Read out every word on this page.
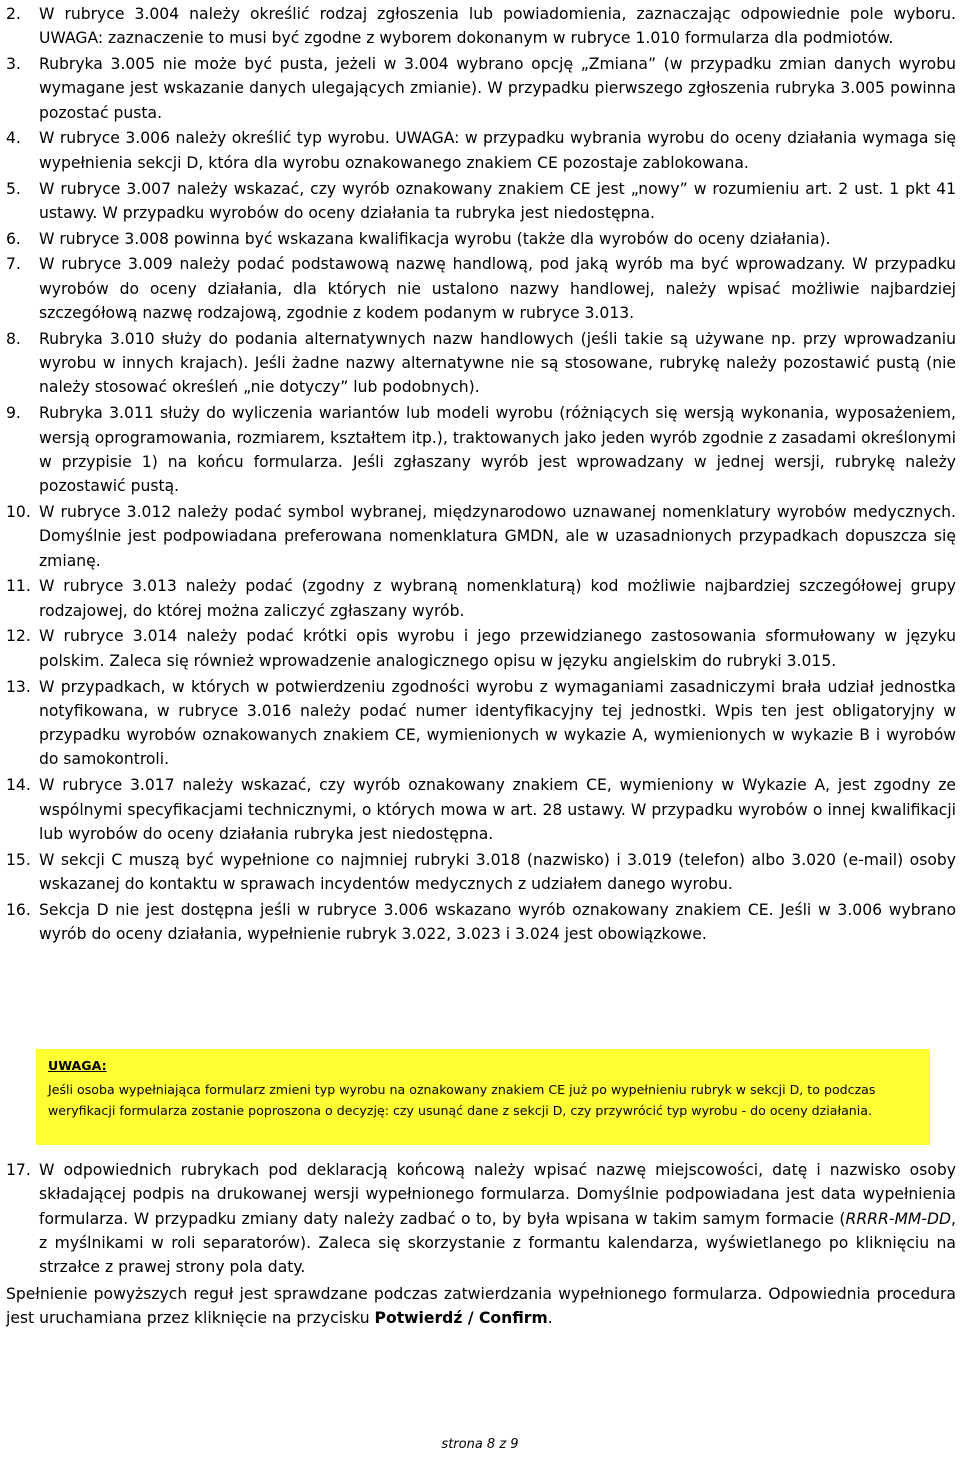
2. W rubryce 3.004 należy określić rodzaj zgłoszenia lub powiadomienia, zaznaczając odpowiednie pole wyboru. UWAGA: zaznaczenie to musi być zgodne z wyborem dokonanym w rubryce 1.010 formularza dla podmiotów.
3. Rubryka 3.005 nie może być pusta, jeżeli w 3.004 wybrano opcję „Zmiana” (w przypadku zmian danych wyrobu wymagane jest wskazanie danych ulegających zmianie). W przypadku pierwszego zgłoszenia rubryka 3.005 powinna pozostać pusta.
4. W rubryce 3.006 należy określić typ wyrobu. UWAGA: w przypadku wybrania wyrobu do oceny działania wymaga się wypełnienia sekcji D, która dla wyrobu oznakowanego znakiem CE pozostaje zablokowana.
5. W rubryce 3.007 należy wskazać, czy wyrób oznakowany znakiem CE jest „nowy” w rozumieniu art. 2 ust. 1 pkt 41 ustawy. W przypadku wyrobów do oceny działania ta rubryka jest niedostępna.
6. W rubryce 3.008 powinna być wskazana kwalifikacja wyrobu (także dla wyrobów do oceny działania).
7. W rubryce 3.009 należy podać podstawową nazwę handlową, pod jaką wyrób ma być wprowadzany. W przypadku wyrobów do oceny działania, dla których nie ustalono nazwy handlowej, należy wpisać możliwie najbardziej szczegółową nazwę rodzajową, zgodnie z kodem podanym w rubryce 3.013.
8. Rubryka 3.010 służy do podania alternatywnych nazw handlowych (jeśli takie są używane np. przy wprowadzaniu wyrobu w innych krajach). Jeśli żadne nazwy alternatywne nie są stosowane, rubrykę należy pozostawić pustą (nie należy stosować określeń „nie dotyczy” lub podobnych).
9. Rubryka 3.011 służy do wyliczenia wariantów lub modeli wyrobu (różniących się wersją wykonania, wyposażeniem, wersją oprogramowania, rozmiarem, kształtem itp.), traktowanych jako jeden wyrób zgodnie z zasadami określonymi w przypisie 1) na końcu formularza. Jeśli zgłaszany wyrób jest wprowadzany w jednej wersji, rubrykę należy pozostawić pustą.
10. W rubryce 3.012 należy podać symbol wybranej, międzynarodowo uznawanej nomenklatury wyrobów medycznych. Domyślnie jest podpowiadana preferowana nomenklatura GMDN, ale w uzasadnionych przypadkach dopuszcza się zmianę.
11. W rubryce 3.013 należy podać (zgodny z wybraną nomenklaturą) kod możliwie najbardziej szczegółowej grupy rodzajowej, do której można zaliczyć zgłaszany wyrób.
12. W rubryce 3.014 należy podać krótki opis wyrobu i jego przewidzianego zastosowania sformułowany w języku polskim. Zaleca się również wprowadzenie analogicznego opisu w języku angielskim do rubryki 3.015.
13. W przypadkach, w których w potwierdzeniu zgodności wyrobu z wymaganiami zasadniczymi brała udział jednostka notyfikowana, w rubryce 3.016 należy podać numer identyfikacyjny tej jednostki. Wpis ten jest obligatoryjny w przypadku wyrobów oznakowanych znakiem CE, wymienionych w wykazie A, wymienionych w wykazie B i wyrobów do samokontroli.
14. W rubryce 3.017 należy wskazać, czy wyrób oznakowany znakiem CE, wymieniony w Wykazie A, jest zgodny ze wspólnymi specyfikacjami technicznymi, o których mowa w art. 28 ustawy. W przypadku wyrobów o innej kwalifikacji lub wyrobów do oceny działania rubryka jest niedostępna.
15. W sekcji C muszą być wypełnione co najmniej rubryki 3.018 (nazwisko) i 3.019 (telefon) albo 3.020 (e-mail) osoby wskazanej do kontaktu w sprawach incydentów medycznych z udziałem danego wyrobu.
16. Sekcja D nie jest dostępna jeśli w rubryce 3.006 wskazano wyrób oznakowany znakiem CE. Jeśli w 3.006 wybrano wyrób do oceny działania, wypełnienie rubryk 3.022, 3.023 i 3.024 jest obowiązkowe.
UWAGA:

Jeśli osoba wypełniająca formularz zmieni typ wyrobu na oznakowany znakiem CE już po wypełnieniu rubryk w sekcji D, to podczas weryfikacji formularza zostanie poproszona o decyzję: czy usunąć dane z sekcji D, czy przywrócić typ wyrobu - do oceny działania.

17. W odpowiednich rubrykach pod deklaracją końcową należy wpisać nazwę miejscowości, datę i nazwisko osoby składającej podpis na drukowanej wersji wypełnionego formularza. Domyślnie podpowiadana jest data wypełnienia formularza. W przypadku zmiany daty należy zadbać o to, by była wpisana w takim samym formacie (RRRR-MM-DD, z myślnikami w roli separatorów). Zaleca się skorzystanie z formantu kalendarza, wyświetlanego po kliknięciu na strzałce z prawej strony pola daty.

Spełnienie powyższych reguł jest sprawdzane podczas zatwierdzania wypełnionego formularza. Odpowiednia procedura jest uruchamiana przez kliknięcie na przycisku Potwierdź / Confirm.

strona 8 z 9
